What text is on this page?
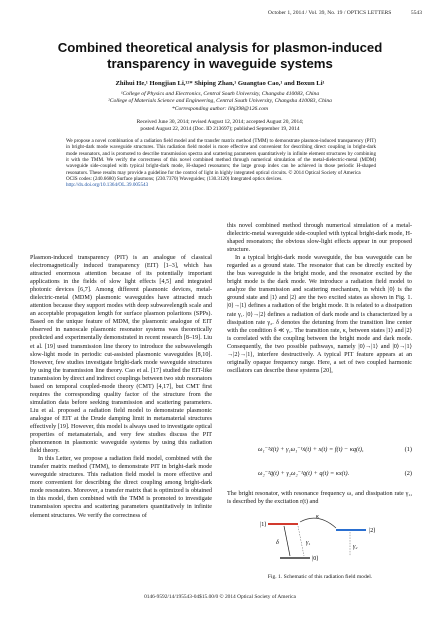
October 1, 2014 / Vol. 39, No. 19 / OPTICS LETTERS	5543
Combined theoretical analysis for plasmon-induced transparency in waveguide systems
Zhihui He,¹ Hongjian Li,¹²* Shiping Zhan,¹ Guangtao Cao,¹ and Boxun Li¹
¹College of Physics and Electronics, Central South University, Changsha 410083, China
²College of Materials Science and Engineering, Central South University, Changsha 410083, China
*Corresponding author: lihj398@126.com
Received June 30, 2014; revised August 12, 2014; accepted August 20, 2014;
posted August 22, 2014 (Doc. ID 213697); published September 19, 2014
We propose a novel combination of a radiation field model and the transfer matrix method (TMM) to demonstrate plasmon-induced transparency (PIT) in bright-dark mode waveguide structures. This radiation field model is more effective and convenient for describing direct coupling in bright-dark mode resonators, and is promoted to describe transmission spectra and scattering parameters quantitatively in infinite element structures by combining it with the TMM. We verify the correctness of this novel combined method through numerical simulation of the metal-dielectric-metal (MDM) waveguide side-coupled with typical bright-dark mode, H-shaped resonators; the large group index can be achieved in those periodic H-shaped resonators. These results may provide a guideline for the control of light in highly integrated optical circuits. © 2014 Optical Society of America
OCIS codes: (240.6680) Surface plasmons; (230.7370) Waveguides; (130.3120) Integrated optics devices.
http://dx.doi.org/10.1364/OL.39.005543

Plasmon-induced transparency (PIT) is an analogue of classical electromagnetically induced transparency (EIT) [1–3], which has attracted enormous attention because of its potentially important applications in the fields of slow light effects [4,5] and integrated photonic devices [6,7]. Among different plasmonic devices, metal-dielectric-metal (MDM) plasmonic waveguides have attracted much attention because they support modes with deep subwavelength scale and an acceptable propagation length for surface plasmon polaritons (SPPs). Based on the unique feature of MDM, the plasmonic analogue of EIT observed in nanoscale plasmonic resonator systems was theoretically predicted and experimentally demonstrated in recent research [8–19]. Liu et al. [19] used transmission line theory to introduce the subwavelength slow-light mode in periodic cut-assisted plasmonic waveguides [8,10]. However, few studies investigate bright-dark mode waveguide structures by using the transmission line theory. Cao et al. [17] studied the EIT-like transmission by direct and indirect couplings between two stub resonators based on temporal coupled-mode theory (CMT) [4,17], but CMT first requires the corresponding quality factor of the structure from the simulation data before seeking transmission and scattering parameters. Liu et al. proposed a radiation field model to demonstrate plasmonic analogue of EIT at the Drude damping limit in metamaterial structures effectively [19]. However, this model is always used to investigate optical properties of metamaterials, and very few studies discuss the PIT phenomenon in plasmonic waveguide systems by using this radiation field theory.

In this Letter, we propose a radiation field model, combined with the transfer matrix method (TMM), to demonstrate PIT in bright-dark mode waveguide structures. This radiation field model is more effective and more convenient for describing the direct coupling among bright-dark mode resonators. Moreover, a transfer matrix that is optimized is obtained in this model, then combined with the TMM is promoted to investigate transmission spectra and scattering parameters quantitatively in infinite element structures. We verify the correctness of

this novel combined method through numerical simulation of a metal-dielectric-metal waveguide side-coupled with typical bright-dark mode, H-shaped resonators; the obvious slow-light effects appear in our proposed structure.

In a typical bright-dark mode waveguide, the bus waveguide can be regarded as a ground state. The resonator that can be directly excited by the bus waveguide is the bright mode, and the resonator excited by the bright mode is the dark mode. We introduce a radiation field model to analyze the transmission and scattering mechanism, in which |0⟩ is the ground state and |1⟩ and |2⟩ are the two excited states as shown in Fig. 1. |0⟩→|1⟩ defines a radiation of the bright mode. It is related to a dissipation rate γ₁. |0⟩→|2⟩ defines a radiation of dark mode and is characterized by a dissipation rate γ₂. δ denotes the detuning from the transition line center with the condition δ ≪ γ₁. The transition rate, κ, between states |1⟩ and |2⟩ is correlated with the coupling between the bright mode and dark mode. Consequently, the two possible pathways, namely |0⟩→|1⟩ and |0⟩→|1⟩→|2⟩→|1⟩, interfere destructively. A typical PIT feature appears at an originally opaque frequency range. Here, a set of two coupled harmonic oscillators can describe these systems [20],

ω₁⁻²ẍ(t) + γ₁ω₁⁻¹ẋ(t) + x(t) = f(t) − κq(t),	(1)
ω₂⁻²q̈(t) + γ₂ω₂⁻¹q̇(t) + q(t) = κx(t).	(2)
The bright resonator, with resonance frequency ω₁ and dissipation rate γ₁, is described by the excitation r(t) and
|1⟩
|2⟩
|0⟩
κ
δ	γ₁
γ₂
Fig. 1. Schematic of this radiation field model.
0146-9592/14/195543-04$15.00/0 © 2014 Optical Society of America
